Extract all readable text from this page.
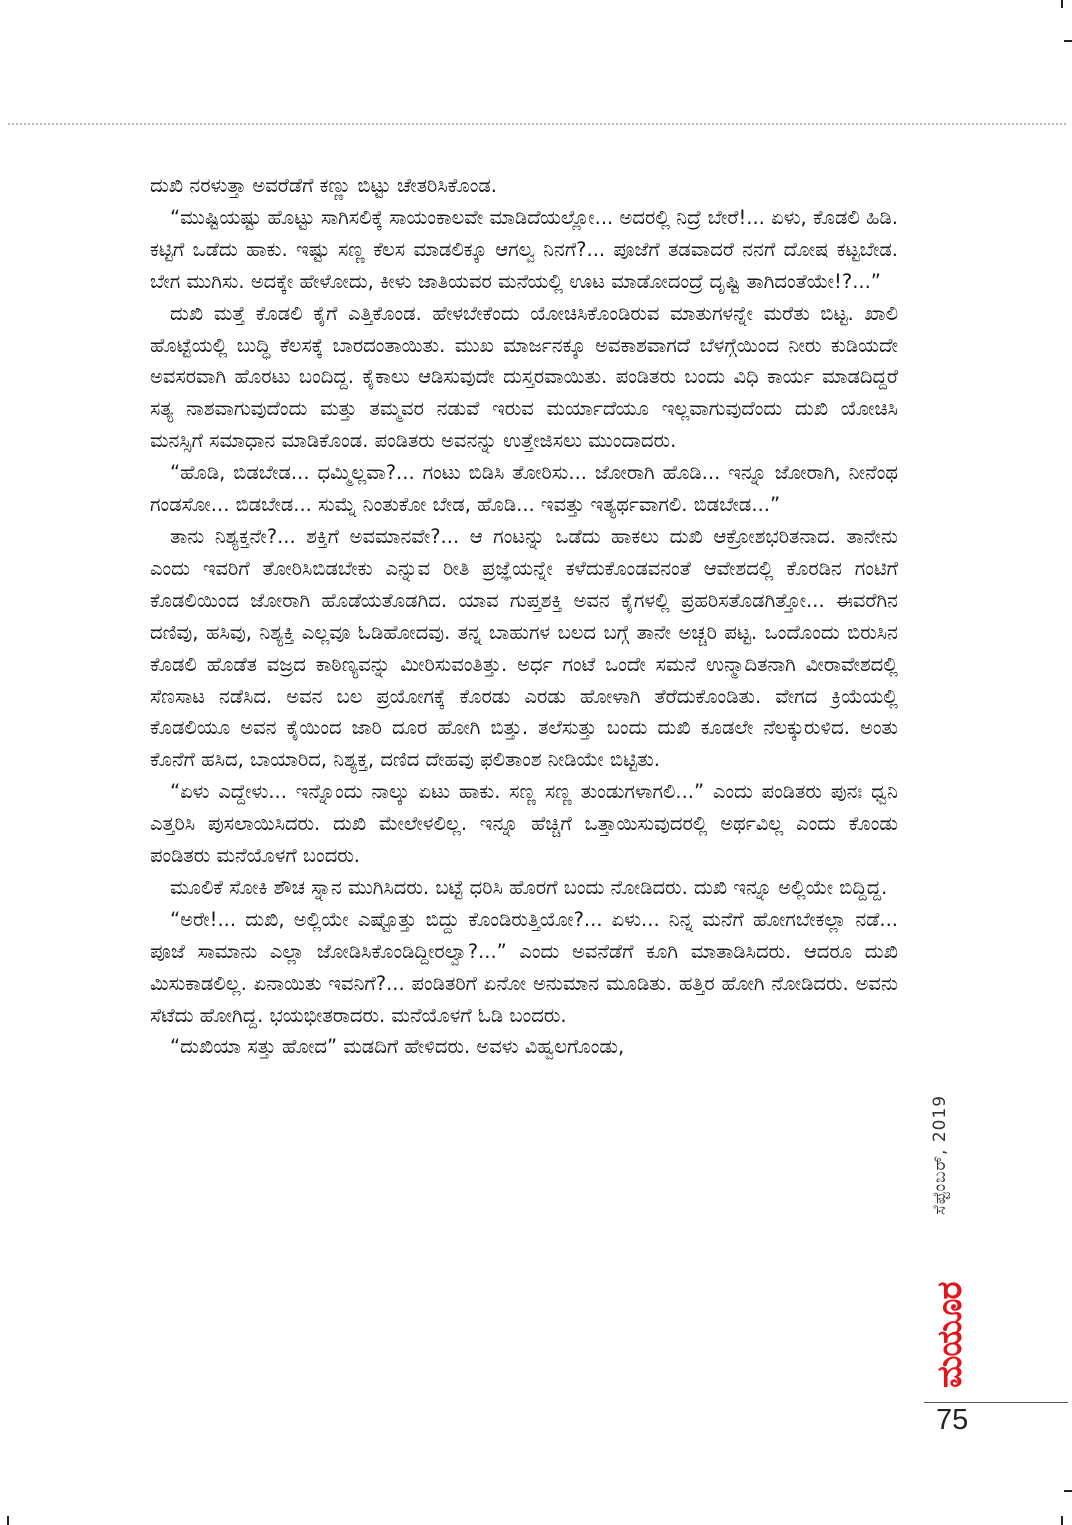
ದುಖಿ ನರಳುತ್ತಾ ಅವರೆಡೆಗೆ ಕಣ್ಣು ಬಿಟ್ಟು ಚೇತರಿಸಿಕೊಂಡ.

“ಮುಷ್ಟಿಯಷ್ಟು ಹೊಟ್ಟು ಸಾಗಿಸಲಿಕ್ಕೆ ಸಾಯಂಕಾಲವೇ ಮಾಡಿದೆಯಲ್ಲೋ... ಅದರಲ್ಲಿ ನಿದ್ರೆ ಬೇರೆ!... ಏಳು, ಕೊಡಲಿ ಹಿಡಿ. ಕಟ್ಟಿಗೆ ಒಡೆದು ಹಾಕು. ಇಷ್ಟು ಸಣ್ಣ ಕೆಲಸ ಮಾಡಲಿಕ್ಕೂ ಆಗಲ್ವ ನಿನಗೆ?... ಪೂಜೆಗೆ ತಡವಾದರೆ ನನಗೆ ದೋಷ ಕಟ್ಟಬೇಡ. ಬೇಗ ಮುಗಿಸು. ಅದಕ್ಕೇ ಹೇಳೋದು, ಕೀಳು ಜಾತಿಯವರ ಮನೆಯಲ್ಲಿ ಊಟ ಮಾಡೋದಂದ್ರೆ ದೃಷ್ಟಿ ತಾಗಿದಂತೆಯೇ!?...”

ದುಖಿ ಮತ್ತೆ ಕೊಡಲಿ ಕೈಗೆ ಎತ್ತಿಕೊಂಡ. ಹೇಳಬೇಕೆಂದು ಯೋಚಿಸಿಕೊಂಡಿರುವ ಮಾತುಗಳನ್ನೇ ಮರೆತು ಬಿಟ್ಟ. ಖಾಲಿ ಹೊಟ್ಟೆಯಲ್ಲಿ ಬುದ್ಧಿ ಕೆಲಸಕ್ಕೆ ಬಾರದಂತಾಯಿತು. ಮುಖ ಮಾರ್ಜನಕ್ಕೂ ಅವಕಾಶವಾಗದೆ ಬೆಳಗ್ಗೆಯಿಂದ ನೀರು ಕುಡಿಯದೇ ಅವಸರವಾಗಿ ಹೊರಟು ಬಂದಿದ್ದ. ಕೈಕಾಲು ಆಡಿಸುವುದೇ ದುಸ್ತರವಾಯಿತು. ಪಂಡಿತರು ಬಂದು ವಿಧಿ ಕಾರ್ಯ ಮಾಡದಿದ್ದರೆ ಸತ್ಯ ನಾಶವಾಗುವುದೆಂದು ಮತ್ತು ತಮ್ಮವರ ನಡುವೆ ಇರುವ ಮರ್ಯಾದೆಯೂ ಇಲ್ಲವಾಗುವುದೆಂದು ದುಖಿ ಯೋಚಿಸಿ ಮನಸ್ಸಿಗೆ ಸಮಾಧಾನ ಮಾಡಿಕೊಂಡ. ಪಂಡಿತರು ಅವನನ್ನು ಉತ್ತೇಜಿಸಲು ಮುಂದಾದರು.

“ಹೊಡಿ, ಬಿಡಬೇಡ... ಧಮ್ಮಿಲ್ಲವಾ?... ಗಂಟು ಬಿಡಿಸಿ ತೋರಿಸು... ಜೋರಾಗಿ ಹೊಡಿ... ಇನ್ನೂ ಜೋರಾಗಿ, ನೀನೆಂಥ ಗಂಡಸೋ... ಬಿಡಬೇಡ... ಸುಮ್ನೆ ನಿಂತುಕೋ ಬೇಡ, ಹೊಡಿ... ಇವತ್ತು ಇತ್ಯರ್ಥವಾಗಲಿ. ಬಿಡಬೇಡ...”

ತಾನು ನಿಶ್ಯಕ್ತನೇ?... ಶಕ್ತಿಗೆ ಅವಮಾನವೇ?... ಆ ಗಂಟನ್ನು ಒಡೆದು ಹಾಕಲು ದುಖಿ ಆಕ್ರೋಶಭರಿತನಾದ. ತಾನೇನು ಎಂದು ಇವರಿಗೆ ತೋರಿಸಿಬಿಡಬೇಕು ಎನ್ನುವ ರೀತಿ ಪ್ರಜ್ಞೆಯನ್ನೇ ಕಳೆದುಕೊಂಡವನಂತೆ ಆವೇಶದಲ್ಲಿ ಕೊರಡಿನ ಗಂಟಿಗೆ ಕೊಡಲಿಯಿಂದ ಜೋರಾಗಿ ಹೊಡೆಯತೊಡಗಿದ. ಯಾವ ಗುಪ್ತಶಕ್ತಿ ಅವನ ಕೈಗಳಲ್ಲಿ ಪ್ರಹರಿಸತೊಡಗಿತ್ತೋ... ಈವರೆಗಿನ ದಣಿವು, ಹಸಿವು, ನಿಶ್ಯಕ್ತಿ ಎಲ್ಲವೂ ಓಡಿಹೋದವು. ತನ್ನ ಬಾಹುಗಳ ಬಲದ ಬಗ್ಗೆ ತಾನೇ ಅಚ್ಚರಿ ಪಟ್ಟ. ಒಂದೊಂದು ಬಿರುಸಿನ ಕೊಡಲಿ ಹೊಡೆತ ವಜ್ರದ ಕಾಠಿಣ್ಯವನ್ನು ಮೀರಿಸುವಂತಿತ್ತು. ಅರ್ಧ ಗಂಟೆ ಒಂದೇ ಸಮನೆ ಉನ್ಮಾದಿತನಾಗಿ ವೀರಾವೇಶದಲ್ಲಿ ಸೆಣಸಾಟ ನಡೆಸಿದ. ಅವನ ಬಲ ಪ್ರಯೋಗಕ್ಕೆ ಕೊರಡು ಎರಡು ಹೋಳಾಗಿ ತೆರೆದುಕೊಂಡಿತು. ವೇಗದ ಕ್ರಿಯೆಯಲ್ಲಿ ಕೊಡಲಿಯೂ ಅವನ ಕೈಯಿಂದ ಜಾರಿ ದೂರ ಹೋಗಿ ಬಿತ್ತು. ತಲೆಸುತ್ತು ಬಂದು ದುಖಿ ಕೂಡಲೇ ನೆಲಕ್ಕುರುಳಿದ. ಅಂತು ಕೊನೆಗೆ ಹಸಿದ, ಬಾಯಾರಿದ, ನಿಶ್ಯಕ್ತ, ದಣಿದ ದೇಹವು ಫಲಿತಾಂಶ ನೀಡಿಯೇ ಬಿಟ್ಟಿತು.

“ಏಳು ಎದ್ದೇಳು... ಇನ್ನೊಂದು ನಾಲ್ಕು ಏಟು ಹಾಕು. ಸಣ್ಣ ಸಣ್ಣ ತುಂಡುಗಳಾಗಲಿ...” ಎಂದು ಪಂಡಿತರು ಪುನಃ ಧ್ವನಿ ಎತ್ತರಿಸಿ ಪುಸಲಾಯಿಸಿದರು. ದುಖಿ ಮೇಲೇಳಲಿಲ್ಲ. ಇನ್ನೂ ಹೆಚ್ಚಿಗೆ ಒತ್ತಾಯಿಸುವುದರಲ್ಲಿ ಅರ್ಥವಿಲ್ಲ ಎಂದು ಕೊಂಡು ಪಂಡಿತರು ಮನೆಯೊಳಗೆ ಬಂದರು.

ಮೂಲಿಕೆ ಸೋಕಿ ಶೌಚ ಸ್ನಾನ ಮುಗಿಸಿದರು. ಬಟ್ಟೆ ಧರಿಸಿ ಹೊರಗೆ ಬಂದು ನೋಡಿದರು. ದುಖಿ ಇನ್ನೂ ಅಲ್ಲಿಯೇ ಬಿದ್ದಿದ್ದ.

“ಅರೇ!... ದುಖಿ, ಅಲ್ಲಿಯೇ ಎಷ್ಟೊತ್ತು ಬಿದ್ದು ಕೊಂಡಿರುತ್ತಿಯೋ?... ಏಳು... ನಿನ್ನ ಮನೆಗೆ ಹೋಗಬೇಕಲ್ಲಾ ನಡೆ... ಪೂಜೆ ಸಾಮಾನು ಎಲ್ಲಾ ಜೋಡಿಸಿಕೊಂಡಿದ್ದೀರಲ್ವಾ?...” ಎಂದು ಅವನೆಡೆಗೆ ಕೂಗಿ ಮಾತಾಡಿಸಿದರು. ಆದರೂ ದುಖಿ ಮಿಸುಕಾಡಲಿಲ್ಲ. ಏನಾಯಿತು ಇವನಿಗೆ?... ಪಂಡಿತರಿಗೆ ಏನೋ ಅನುಮಾನ ಮೂಡಿತು. ಹತ್ತಿರ ಹೋಗಿ ನೋಡಿದರು. ಅವನು ಸೆಟೆದು ಹೋಗಿದ್ದ. ಭಯಭೀತರಾದರು. ಮನೆಯೊಳಗೆ ಓಡಿ ಬಂದರು.

“ದುಖಿಯಾ ಸತ್ತು ಹೋದ” ಮಡದಿಗೆ ಹೇಳಿದರು. ಅವಳು ವಿಹ್ವಲಗೊಂಡು,

ಸೆಪ್ಟೆಂಬರ್, 2019
ಮಯೂರ
75
